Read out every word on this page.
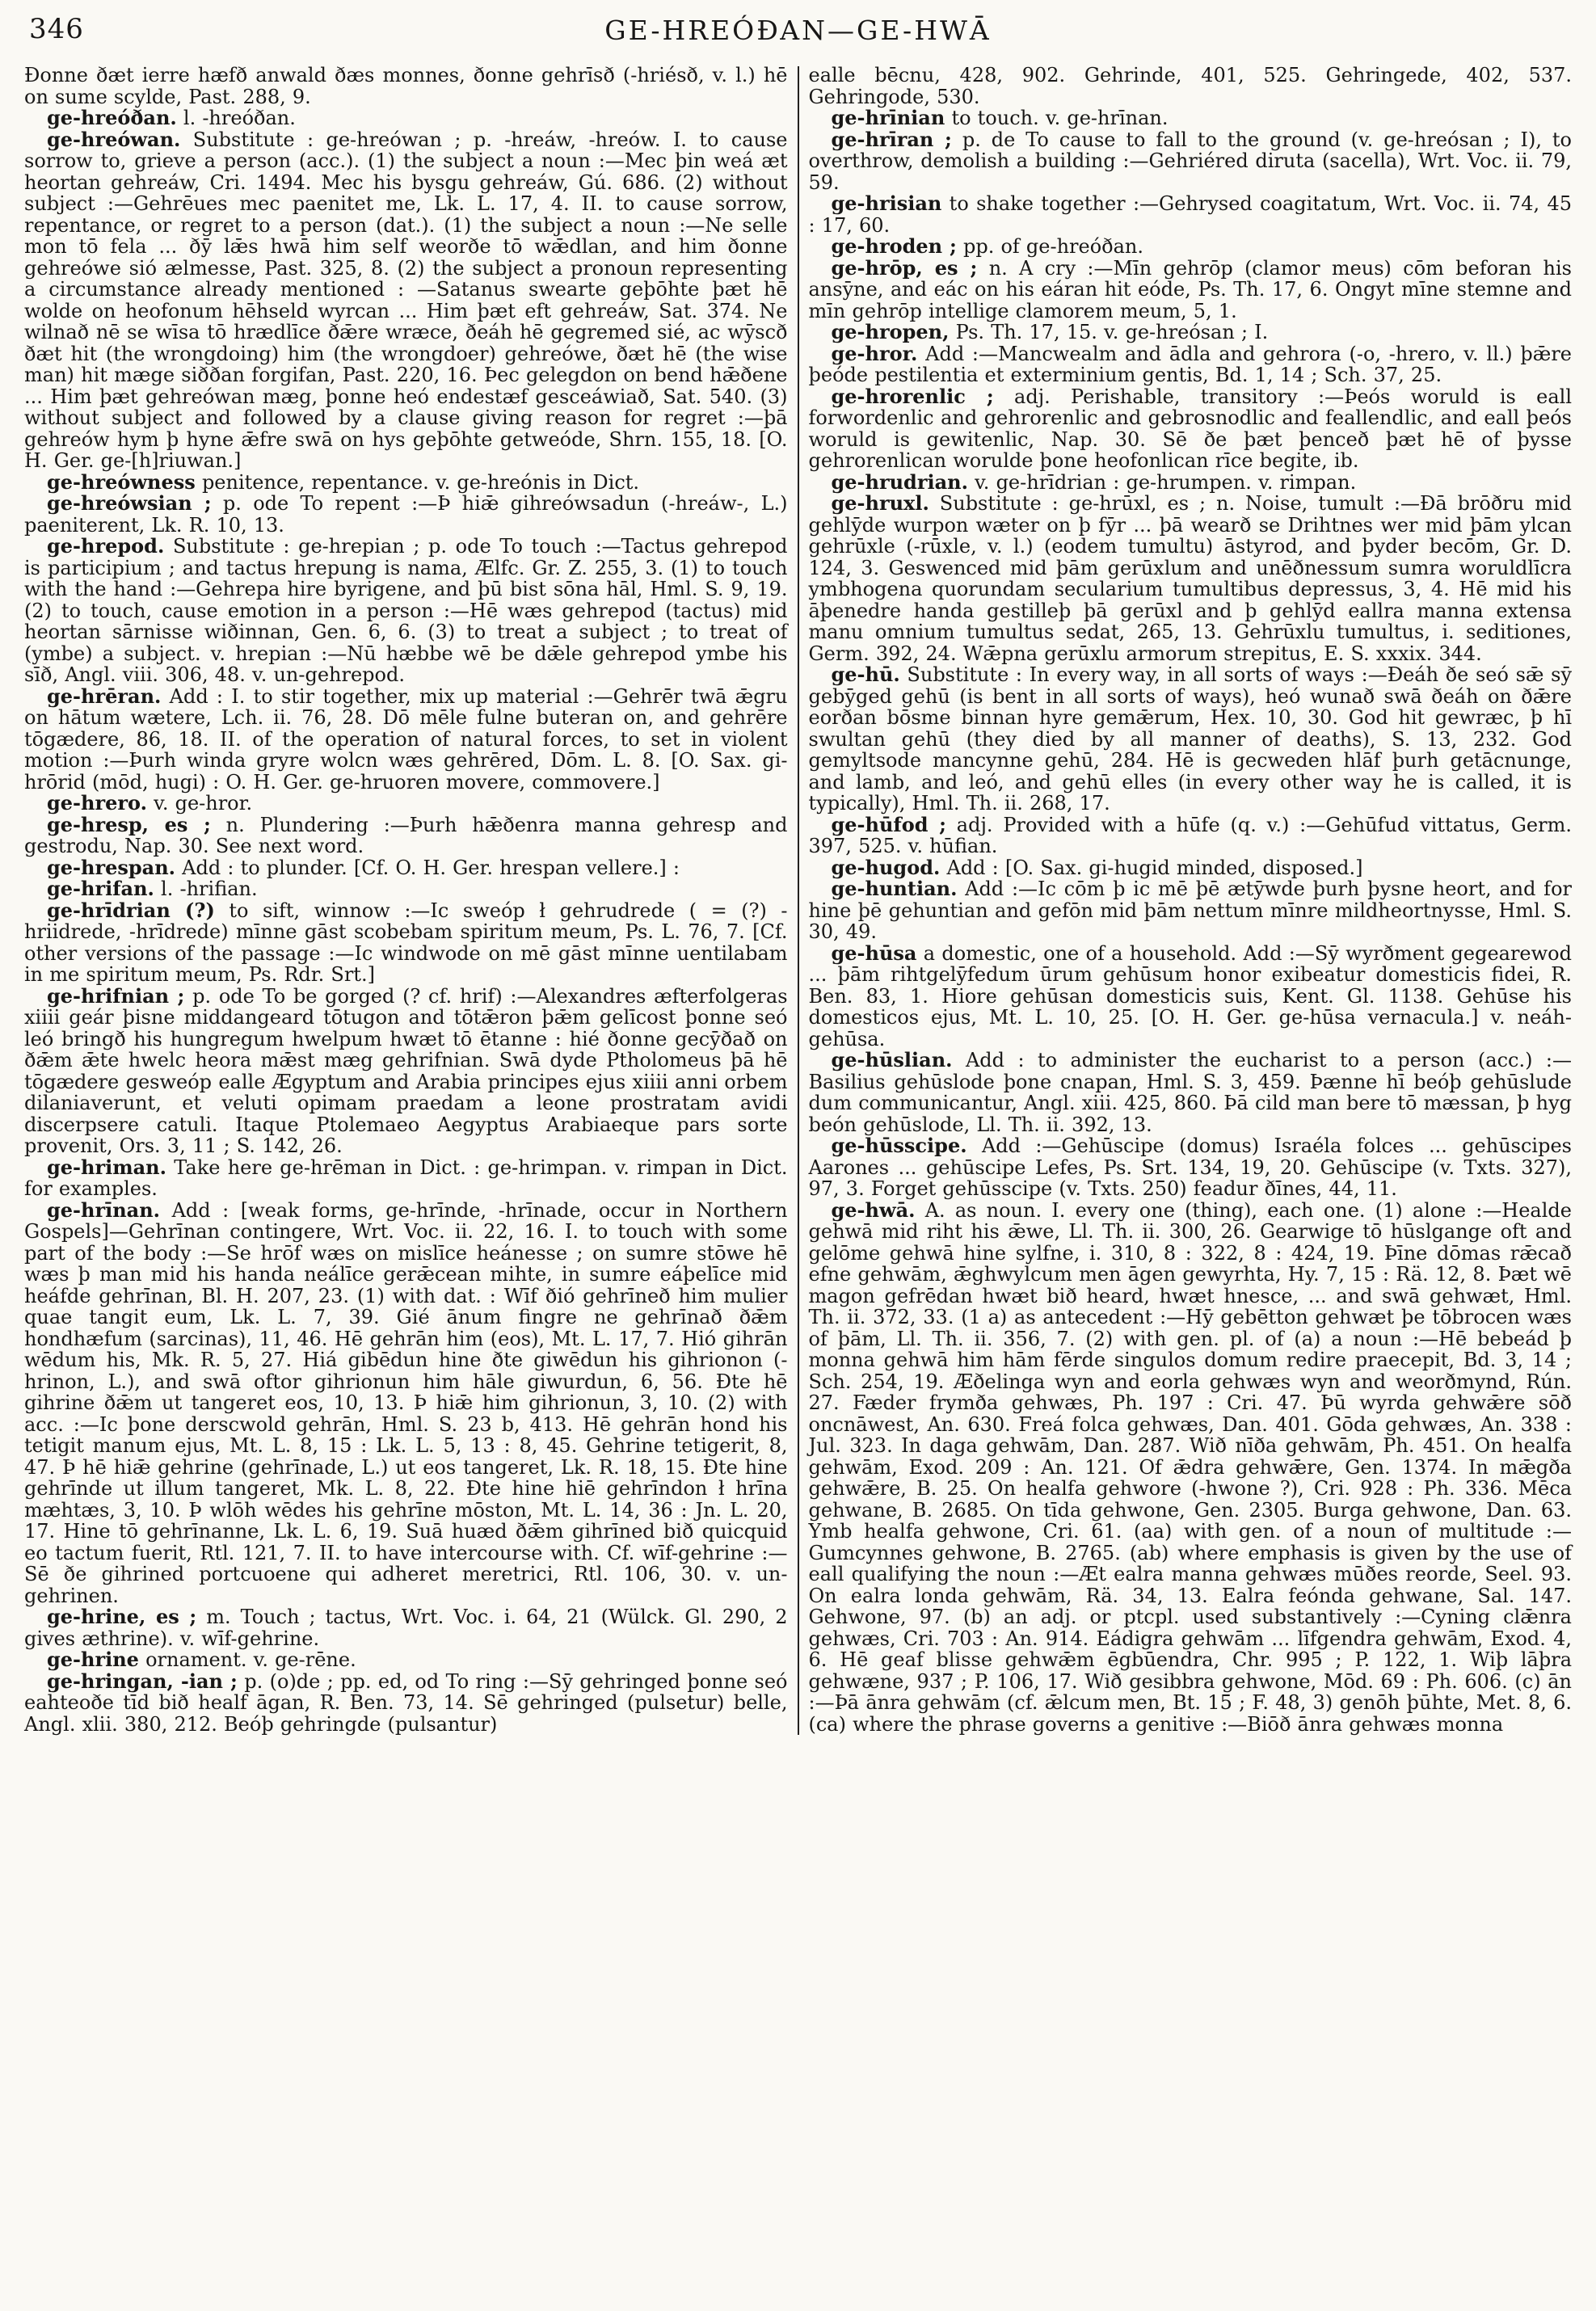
346	GE-HREÓÐAN—GE-HWĀ

Ðonne ðæt ierre hæfð anwald ðæs monnes, ðonne gehrīsð (-hriésð, v. l.) hē on sume scylde, Past. 288, 9.

ge-hreóðan. l. -hreóðan.

ge-hreówan. Substitute : ge-hreówan ; p. -hreáw, -hreów. I. to cause sorrow to, grieve a person (acc.). (1) the subject a noun :—Mec þin weá æt heortan gehreáw, Cri. 1494. Mec his bysgu gehreáw, Gú. 686. (2) without subject :—Gehrēues mec paenitet me, Lk. L. 17, 4. II. to cause sorrow, repentance, or regret to a person (dat.). (1) the subject a noun :—Ne selle mon tō fela ... ðȳ lǣs hwā him self weorðe tō wǣdlan, and him ðonne gehreówe sió ælmesse, Past. 325, 8. (2) the subject a pronoun representing a circumstance already mentioned : —Satanus swearte geþōhte þæt hē wolde on heofonum hēhseld wyrcan ... Him þæt eft gehreáw, Sat. 374. Ne wilnað nē se wīsa tō hrædlīce ðǣre wræce, ðeáh hē gegremed sié, ac wȳscð ðæt hit (the wrongdoing) him (the wrongdoer) gehreówe, ðæt hē (the wise man) hit mæge siððan forgifan, Past. 220, 16. Þec gelegdon on bend hǣðene ... Him þæt gehreówan mæg, þonne heó endestæf gesceáwiað, Sat. 540. (3) without subject and followed by a clause giving reason for regret :—þā gehreów hym þ hyne ǣfre swā on hys geþōhte getweóde, Shrn. 155, 18. [O. H. Ger. ge-[h]riuwan.]

ge-hreówness penitence, repentance. v. ge-hreónis in Dict.

ge-hreówsian ; p. ode To repent :—Þ hiǣ gihreówsadun (-hreáw-, L.) paeniterent, Lk. R. 10, 13.

ge-hrepod. Substitute : ge-hrepian ; p. ode To touch :—Tactus gehrepod is participium ; and tactus hrepung is nama, Ælfc. Gr. Z. 255, 3. (1) to touch with the hand :—Gehrepa hire byrigene, and þū bist sōna hāl, Hml. S. 9, 19. (2) to touch, cause emotion in a person :—Hē wæs gehrepod (tactus) mid heortan sārnisse wiðinnan, Gen. 6, 6. (3) to treat a subject ; to treat of (ymbe) a subject. v. hrepian :—Nū hæbbe wē be dǣle gehrepod ymbe his sīð, Angl. viii. 306, 48. v. un-gehrepod.

ge-hrēran. Add : I. to stir together, mix up material :—Gehrēr twā ǣgru on hātum wætere, Lch. ii. 76, 28. Dō mēle fulne buteran on, and gehrēre tōgædere, 86, 18. II. of the operation of natural forces, to set in violent motion :—Þurh winda gryre wolcn wæs gehrēred, Dōm. L. 8. [O. Sax. gi-hrōrid (mōd, hugi) : O. H. Ger. ge-hruoren movere, commovere.]

ge-hrero. v. ge-hror.

ge-hresp, es ; n. Plundering :—Þurh hǣðenra manna gehresp and gestrodu, Nap. 30. See next word.

ge-hrespan. Add : to plunder. [Cf. O. H. Ger. hrespan vellere.] :

ge-hrifan. l. -hrifian.

ge-hrīdrian (?) to sift, winnow :—Ic sweóp ł gehrudrede ( = (?) -hriidrede, -hrīdrede) mīnne gāst scobebam spiritum meum, Ps. L. 76, 7. [Cf. other versions of the passage :—Ic windwode on mē gāst mīnne uentilabam in me spiritum meum, Ps. Rdr. Srt.]

ge-hrifnian ; p. ode To be gorged (? cf. hrif) :—Alexandres æfterfolgeras xiiii geár þisne middangeard tōtugon and tōtǣron þǣm gelīcost þonne seó leó bringð his hungregum hwelpum hwæt tō ētanne : hié ðonne gecȳðað on ðǣm ǣte hwelc heora mǣst mæg gehrifnian. Swā dyde Ptholomeus þā hē tōgædere gesweóp ealle Ægyptum and Arabia principes ejus xiiii anni orbem dilaniaverunt, et veluti opimam praedam a leone prostratam avidi discerpsere catuli. Itaque Ptolemaeo Aegyptus Arabiaeque pars sorte provenit, Ors. 3, 11 ; S. 142, 26.

ge-hriman. Take here ge-hrēman in Dict. : ge-hrimpan. v. rimpan in Dict. for examples.

ge-hrīnan. Add : [weak forms, ge-hrīnde, -hrīnade, occur in Northern Gospels]—Gehrīnan contingere, Wrt. Voc. ii. 22, 16. I. to touch with some part of the body :—Se hrōf wæs on mislīce heánesse ; on sumre stōwe hē wæs þ man mid his handa neálīce gerǣcean mihte, in sumre eáþelīce mid heáfde gehrīnan, Bl. H. 207, 23. (1) with dat. : Wīf ðió gehrīneð him mulier quae tangit eum, Lk. L. 7, 39. Gié ānum fingre ne gehrīnað ðǣm hondhæfum (sarcinas), 11, 46. Hē gehrān him (eos), Mt. L. 17, 7. Hió gihrān wēdum his, Mk. R. 5, 27. Hiá gibēdun hine ðte giwēdun his gihrionon (-hrinon, L.), and swā oftor gihrionun him hāle giwurdun, 6, 56. Ðte hē gihrine ðǣm ut tangeret eos, 10, 13. Þ hiǣ him gihrionun, 3, 10. (2) with acc. :—Ic þone derscwold gehrān, Hml. S. 23 b, 413. Hē gehrān hond his tetigit manum ejus, Mt. L. 8, 15 : Lk. L. 5, 13 : 8, 45. Gehrine tetigerit, 8, 47. Þ hē hiǣ gehrine (gehrīnade, L.) ut eos tangeret, Lk. R. 18, 15. Ðte hine gehrīnde ut illum tangeret, Mk. L. 8, 22. Ðte hine hiē gehrīndon ł hrīna mæhtæs, 3, 10. Þ wlōh wēdes his gehrīne mōston, Mt. L. 14, 36 : Jn. L. 20, 17. Hine tō gehrīnanne, Lk. L. 6, 19. Suā huæd ðǣm gihrīned bið quicquid eo tactum fuerit, Rtl. 121, 7. II. to have intercourse with. Cf. wīf-gehrine :—Sē ðe gihrined portcuoene qui adheret meretrici, Rtl. 106, 30. v. un-gehrinen.

ge-hrine, es ; m. Touch ; tactus, Wrt. Voc. i. 64, 21 (Wülck. Gl. 290, 2 gives æthrine). v. wīf-gehrine.

ge-hrine ornament. v. ge-rēne.

ge-hringan, -ian ; p. (o)de ; pp. ed, od To ring :—Sȳ gehringed þonne seó eahteoðe tīd bið healf āgan, R. Ben. 73, 14. Sē gehringed (pulsetur) belle, Angl. xlii. 380, 212. Beóþ gehringde (pulsantur)

ealle bēcnu, 428, 902. Gehrinde, 401, 525. Gehringede, 402, 537. Gehringode, 530.

ge-hrīnian to touch. v. ge-hrīnan.

ge-hrīran ; p. de To cause to fall to the ground (v. ge-hreósan ; I), to overthrow, demolish a building :—Gehriéred diruta (sacella), Wrt. Voc. ii. 79, 59.

ge-hrisian to shake together :—Gehrysed coagitatum, Wrt. Voc. ii. 74, 45 : 17, 60.

ge-hroden ; pp. of ge-hreóðan.

ge-hrōp, es ; n. A cry :—Mīn gehrōp (clamor meus) cōm beforan his ansȳne, and eác on his eáran hit eóde, Ps. Th. 17, 6. Ongyt mīne stemne and mīn gehrōp intellige clamorem meum, 5, 1.

ge-hropen, Ps. Th. 17, 15. v. ge-hreósan ; I.

ge-hror. Add :—Mancwealm and ādla and gehrora (-o, -hrero, v. ll.) þǣre þeóde pestilentia et exterminium gentis, Bd. 1, 14 ; Sch. 37, 25.

ge-hrorenlic ; adj. Perishable, transitory :—Þeós woruld is eall forwordenlic and gehrorenlic and gebrosnodlic and feallendlic, and eall þeós woruld is gewitenlic, Nap. 30. Sē ðe þæt þenceð þæt hē of þysse gehrorenlican worulde þone heofonlican rīce begite, ib.

ge-hrudrian. v. ge-hrīdrian : ge-hrumpen. v. rimpan.

ge-hruxl. Substitute : ge-hrūxl, es ; n. Noise, tumult :—Ðā brōðru mid gehlȳde wurpon wæter on þ fȳr ... þā wearð se Drihtnes wer mid þām ylcan gehrūxle (-rūxle, v. l.) (eodem tumultu) āstyrod, and þyder becōm, Gr. D. 124, 3. Geswenced mid þām gerūxlum and unēðnessum sumra woruldlīcra ymbhogena quorundam secularium tumultibus depressus, 3, 4. Hē mid his āþenedre handa gestilleþ þā gerūxl and þ gehlȳd eallra manna extensa manu omnium tumultus sedat, 265, 13. Gehrūxlu tumultus, i. seditiones, Germ. 392, 24. Wǣpna gerūxlu armorum strepitus, E. S. xxxix. 344.

ge-hū. Substitute : In every way, in all sorts of ways :—Ðeáh ðe seó sǣ sȳ gebȳged gehū (is bent in all sorts of ways), heó wunað swā ðeáh on ðǣre eorðan bōsme binnan hyre gemǣrum, Hex. 10, 30. God hit gewræc, þ hī swultan gehū (they died by all manner of deaths), S. 13, 232. God gemyltsode mancynne gehū, 284. Hē is gecweden hlāf þurh getācnunge, and lamb, and leó, and gehū elles (in every other way he is called, it is typically), Hml. Th. ii. 268, 17.

ge-hūfod ; adj. Provided with a hūfe (q. v.) :—Gehūfud vittatus, Germ. 397, 525. v. hūfian.

ge-hugod. Add : [O. Sax. gi-hugid minded, disposed.]

ge-huntian. Add :—Ic cōm þ ic mē þē ætȳwde þurh þysne heort, and for hine þē gehuntian and gefōn mid þām nettum mīnre mildheortnysse, Hml. S. 30, 49.

ge-hūsa a domestic, one of a household. Add :—Sȳ wyrðment gegearewod ... þām rihtgelȳfedum ūrum gehūsum honor exibeatur domesticis fidei, R. Ben. 83, 1. Hiore gehūsan domesticis suis, Kent. Gl. 1138. Gehūse his domesticos ejus, Mt. L. 10, 25. [O. H. Ger. ge-hūsa vernacula.] v. neáh-gehūsa.

ge-hūslian. Add : to administer the eucharist to a person (acc.) :—Basilius gehūslode þone cnapan, Hml. S. 3, 459. Þænne hī beóþ gehūslude dum communicantur, Angl. xiii. 425, 860. Þā cild man bere tō mæssan, þ hyg beón gehūslode, Ll. Th. ii. 392, 13.

ge-hūsscipe. Add :—Gehūscipe (domus) Israéla folces ... gehūscipes Aarones ... gehūscipe Lefes, Ps. Srt. 134, 19, 20. Gehūscipe (v. Txts. 327), 97, 3. Forget gehūsscipe (v. Txts. 250) feadur ðīnes, 44, 11.

ge-hwā. A. as noun. I. every one (thing), each one. (1) alone :—Healde gehwā mid riht his ǣwe, Ll. Th. ii. 300, 26. Gearwige tō hūslgange oft and gelōme gehwā hine sylfne, i. 310, 8 : 322, 8 : 424, 19. Þīne dōmas rǣcað efne gehwām, ǣghwylcum men āgen gewyrhta, Hy. 7, 15 : Rä. 12, 8. Þæt wē magon gefrēdan hwæt bið heard, hwæt hnesce, ... and swā gehwæt, Hml. Th. ii. 372, 33. (1 a) as antecedent :—Hȳ gebētton gehwæt þe tōbrocen wæs of þām, Ll. Th. ii. 356, 7. (2) with gen. pl. of (a) a noun :—Hē bebeád þ monna gehwā him hām fērde singulos domum redire praecepit, Bd. 3, 14 ; Sch. 254, 19. Æðelinga wyn and eorla gehwæs wyn and weorðmynd, Rún. 27. Fæder frymða gehwæs, Ph. 197 : Cri. 47. Þū wyrda gehwǣre sōð oncnāwest, An. 630. Freá folca gehwæs, Dan. 401. Gōda gehwæs, An. 338 : Jul. 323. In daga gehwām, Dan. 287. Wið nīða gehwām, Ph. 451. On healfa gehwām, Exod. 209 : An. 121. Of ǣdra gehwǣre, Gen. 1374. In mǣgða gehwǣre, B. 25. On healfa gehwore (-hwone ?), Cri. 928 : Ph. 336. Mēca gehwane, B. 2685. On tīda gehwone, Gen. 2305. Burga gehwone, Dan. 63. Ymb healfa gehwone, Cri. 61. (aa) with gen. of a noun of multitude :—Gumcynnes gehwone, B. 2765. (ab) where emphasis is given by the use of eall qualifying the noun :—Æt ealra manna gehwæs mūðes reorde, Seel. 93. On ealra londa gehwām, Rä. 34, 13. Ealra feónda gehwane, Sal. 147. Gehwone, 97. (b) an adj. or ptcpl. used substantively :—Cyning clǣnra gehwæs, Cri. 703 : An. 914. Eádigra gehwām ... līfgendra gehwām, Exod. 4, 6. Hē geaf blisse gehwǣm ēgbūendra, Chr. 995 ; P. 122, 1. Wiþ lāþra gehwæne, 937 ; P. 106, 17. Wið gesibbra gehwone, Mōd. 69 : Ph. 606. (c) ān :—Þā ānra gehwām (cf. ǣlcum men, Bt. 15 ; F. 48, 3) genōh þūhte, Met. 8, 6. (ca) where the phrase governs a genitive :—Biōð ānra gehwæs monna
